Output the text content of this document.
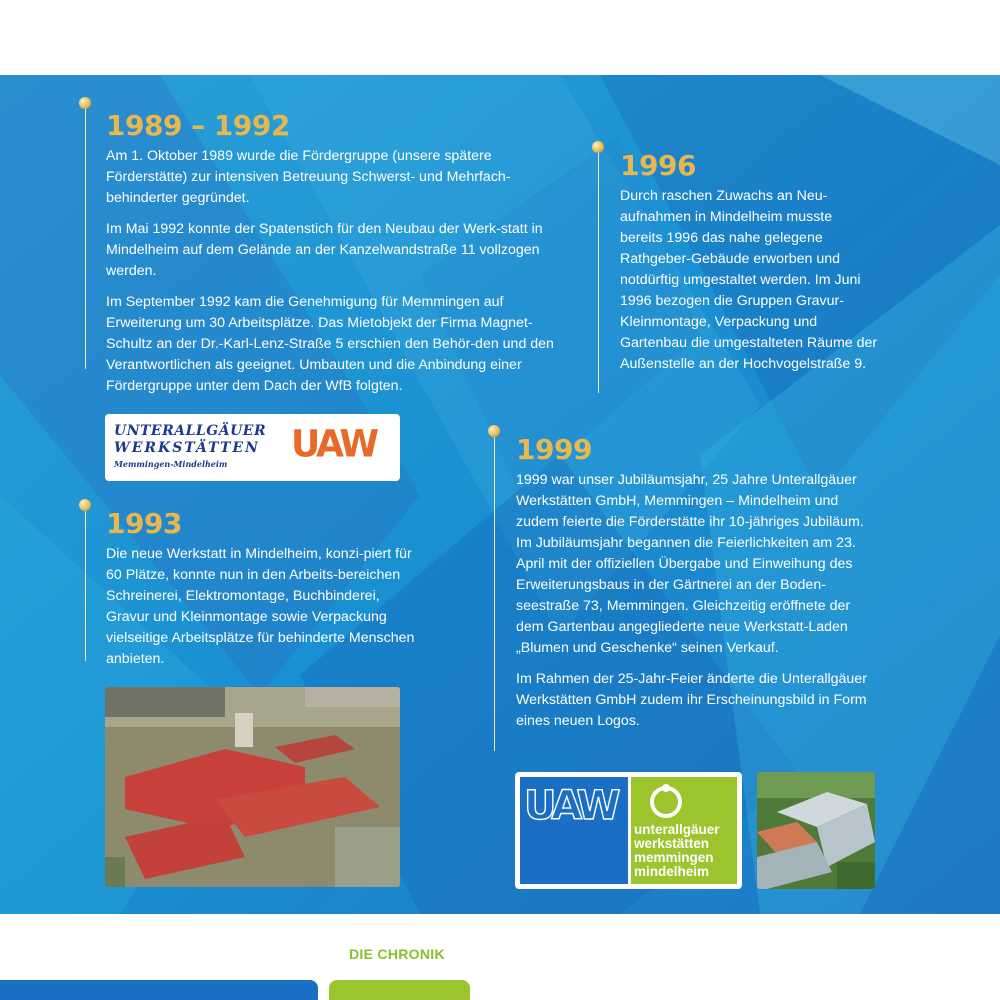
1989 – 1992

Am 1. Oktober 1989 wurde die Fördergruppe (unsere spätere Förderstätte) zur intensiven Betreuung Schwerst- und Mehrfach-behinderter gegründet.

Im Mai 1992 konnte der Spatenstich für den Neubau der Werk-statt in Mindelheim auf dem Gelände an der Kanzelwandstraße 11 vollzogen werden.

Im September 1992 kam die Genehmigung für Memmingen auf Erweiterung um 30 Arbeitsplätze. Das Mietobjekt der Firma Magnet-Schultz an der Dr.-Karl-Lenz-Straße 5 erschien den Behör-den und den Verantwortlichen als geeignet. Umbauten und die Anbindung einer Fördergruppe unter dem Dach der WfB folgten.

UNTERALLGÄUER
WERKSTÄTTEN
Memmingen-Mindelheim UAW
1993

Die neue Werkstatt in Mindelheim, konzi-piert für 60 Plätze, konnte nun in den Arbeits-bereichen Schreinerei, Elektromontage, Buchbinderei, Gravur und Kleinmontage sowie Verpackung vielseitige Arbeitsplätze für behinderte Menschen anbieten.

1996

Durch raschen Zuwachs an Neu-aufnahmen in Mindelheim musste bereits 1996 das nahe gelegene Rathgeber-Gebäude erworben und notdürftig umgestaltet werden. Im Juni 1996 bezogen die Gruppen Gravur-Kleinmontage, Verpackung und Gartenbau die umgestalteten Räume der Außenstelle an der Hochvogelstraße 9.

1999

1999 war unser Jubiläumsjahr, 25 Jahre Unterallgäuer Werkstätten GmbH, Memmingen – Mindelheim und zudem feierte die Förderstätte ihr 10-jähriges Jubiläum.

Im Jubiläumsjahr begannen die Feierlichkeiten am 23. April mit der offiziellen Übergabe und Einweihung des Erweiterungsbaus in der Gärtnerei an der Boden-seestraße 73, Memmingen. Gleichzeitig eröffnete der dem Gartenbau angegliederte neue Werkstatt-Laden „Blumen und Geschenke“ seinen Verkauf.

Im Rahmen der 25-Jahr-Feier änderte die Unterallgäuer Werkstätten GmbH zudem ihr Erscheinungsbild in Form eines neuen Logos.

UAW
unterallgäuer
werkstätten
memmingen
mindelheim
DIE CHRONIK
